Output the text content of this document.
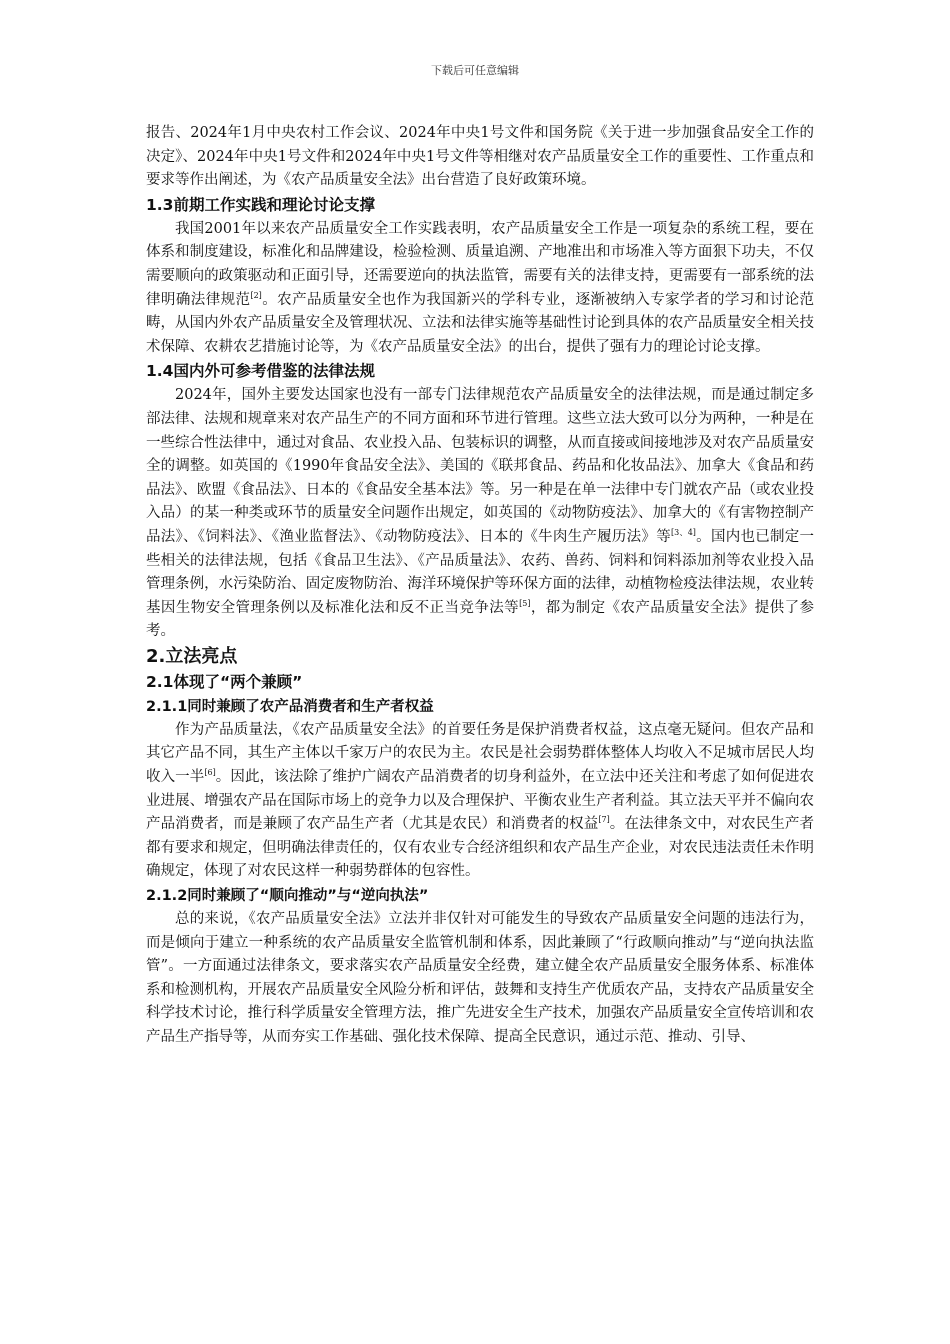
下载后可任意编辑

报告、2024年1月中央农村工作会议、2024年中央1号文件和国务院《关于进一步加强食品安全工作的决定》、2024年中央1号文件和2024年中央1号文件等相继对农产品质量安全工作的重要性、工作重点和要求等作出阐述，为《农产品质量安全法》出台营造了良好政策环境。

1.3前期工作实践和理论讨论支撑

我国2001年以来农产品质量安全工作实践表明，农产品质量安全工作是一项复杂的系统工程，要在体系和制度建设，标准化和品牌建设，检验检测、质量追溯、产地准出和市场准入等方面狠下功夫，不仅需要顺向的政策驱动和正面引导，还需要逆向的执法监管，需要有关的法律支持，更需要有一部系统的法律明确法律规范[2]。农产品质量安全也作为我国新兴的学科专业，逐渐被纳入专家学者的学习和讨论范畴，从国内外农产品质量安全及管理状况、立法和法律实施等基础性讨论到具体的农产品质量安全相关技术保障、农耕农艺措施讨论等，为《农产品质量安全法》的出台，提供了强有力的理论讨论支撑。

1.4国内外可参考借鉴的法律法规

2024年，国外主要发达国家也没有一部专门法律规范农产品质量安全的法律法规，而是通过制定多部法律、法规和规章来对农产品生产的不同方面和环节进行管理。这些立法大致可以分为两种，一种是在一些综合性法律中，通过对食品、农业投入品、包装标识的调整，从而直接或间接地涉及对农产品质量安全的调整。如英国的《1990年食品安全法》、美国的《联邦食品、药品和化妆品法》、加拿大《食品和药品法》、欧盟《食品法》、日本的《食品安全基本法》等。另一种是在单一法律中专门就农产品（或农业投入品）的某一种类或环节的质量安全问题作出规定，如英国的《动物防疫法》、加拿大的《有害物控制产品法》、《饲料法》、《渔业监督法》、《动物防疫法》、日本的《牛肉生产履历法》等[3、4]。国内也已制定一些相关的法律法规，包括《食品卫生法》、《产品质量法》、农药、兽药、饲料和饲料添加剂等农业投入品管理条例，水污染防治、固定废物防治、海洋环境保护等环保方面的法律，动植物检疫法律法规，农业转基因生物安全管理条例以及标准化法和反不正当竞争法等[5]，都为制定《农产品质量安全法》提供了参考。

2.立法亮点
2.1体现了“两个兼顾”
2.1.1同时兼顾了农产品消费者和生产者权益

作为产品质量法，《农产品质量安全法》的首要任务是保护消费者权益，这点毫无疑问。但农产品和其它产品不同，其生产主体以千家万户的农民为主。农民是社会弱势群体整体人均收入不足城市居民人均收入一半[6]。因此，该法除了维护广阔农产品消费者的切身利益外，在立法中还关注和考虑了如何促进农业进展、增强农产品在国际市场上的竞争力以及合理保护、平衡农业生产者利益。其立法天平并不偏向农产品消费者，而是兼顾了农产品生产者（尤其是农民）和消费者的权益[7]。在法律条文中，对农民生产者都有要求和规定，但明确法律责任的，仅有农业专合经济组织和农产品生产企业，对农民违法责任未作明确规定，体现了对农民这样一种弱势群体的包容性。

2.1.2同时兼顾了“顺向推动”与“逆向执法”

总的来说，《农产品质量安全法》立法并非仅针对可能发生的导致农产品质量安全问题的违法行为，而是倾向于建立一种系统的农产品质量安全监管机制和体系，因此兼顾了“行政顺向推动”与“逆向执法监管”。一方面通过法律条文，要求落实农产品质量安全经费，建立健全农产品质量安全服务体系、标准体系和检测机构，开展农产品质量安全风险分析和评估，鼓舞和支持生产优质农产品，支持农产品质量安全科学技术讨论，推行科学质量安全管理方法，推广先进安全生产技术，加强农产品质量安全宣传培训和农产品生产指导等，从而夯实工作基础、强化技术保障、提高全民意识，通过示范、推动、引导、
